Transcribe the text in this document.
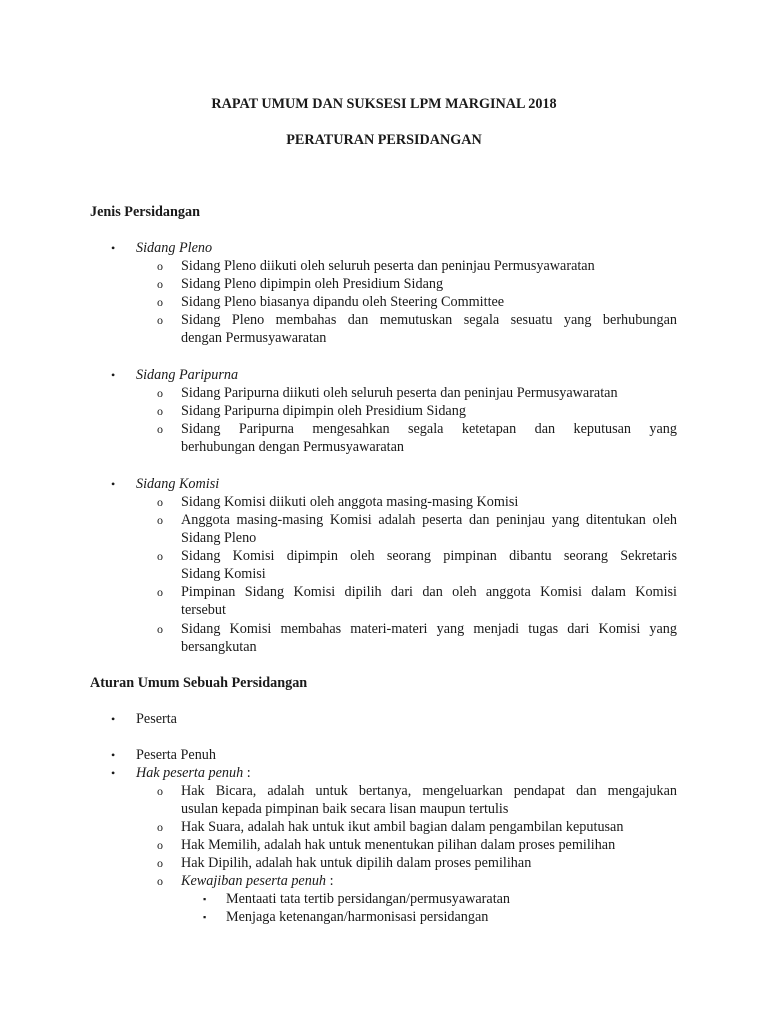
RAPAT UMUM DAN SUKSESI LPM MARGINAL 2018
PERATURAN PERSIDANGAN
Jenis Persidangan
•	Sidang Pleno
o Sidang Pleno diikuti oleh seluruh peserta dan peninjau Permusyawaratan
o Sidang Pleno dipimpin oleh Presidium Sidang
o Sidang Pleno biasanya dipandu oleh Steering Committee
o Sidang Pleno membahas dan memutuskan segala sesuatu yang berhubungan
dengan Permusyawaratan
•	Sidang Paripurna
o Sidang Paripurna diikuti oleh seluruh peserta dan peninjau Permusyawaratan
o Sidang Paripurna dipimpin oleh Presidium Sidang
o Sidang Paripurna mengesahkan segala ketetapan dan keputusan yang
berhubungan dengan Permusyawaratan
•	Sidang Komisi
o Sidang Komisi diikuti oleh anggota masing-masing Komisi
o Anggota masing-masing Komisi adalah peserta dan peninjau yang ditentukan oleh
Sidang Pleno
o Sidang Komisi dipimpin oleh seorang pimpinan dibantu seorang Sekretaris
Sidang Komisi
o Pimpinan Sidang Komisi dipilih dari dan oleh anggota Komisi dalam Komisi
tersebut
o Sidang Komisi membahas materi-materi yang menjadi tugas dari Komisi yang
bersangkutan
Aturan Umum Sebuah Persidangan
•	Peserta
•	Peserta Penuh
•	Hak peserta penuh :
o Hak Bicara, adalah untuk bertanya, mengeluarkan pendapat dan mengajukan
usulan kepada pimpinan baik secara lisan maupun tertulis
o Hak Suara, adalah hak untuk ikut ambil bagian dalam pengambilan keputusan
o Hak Memilih, adalah hak untuk menentukan pilihan dalam proses pemilihan
o Hak Dipilih, adalah hak untuk dipilih dalam proses pemilihan
o Kewajiban peserta penuh :
▪ Mentaati tata tertib persidangan/permusyawaratan
▪ Menjaga ketenangan/harmonisasi persidangan
